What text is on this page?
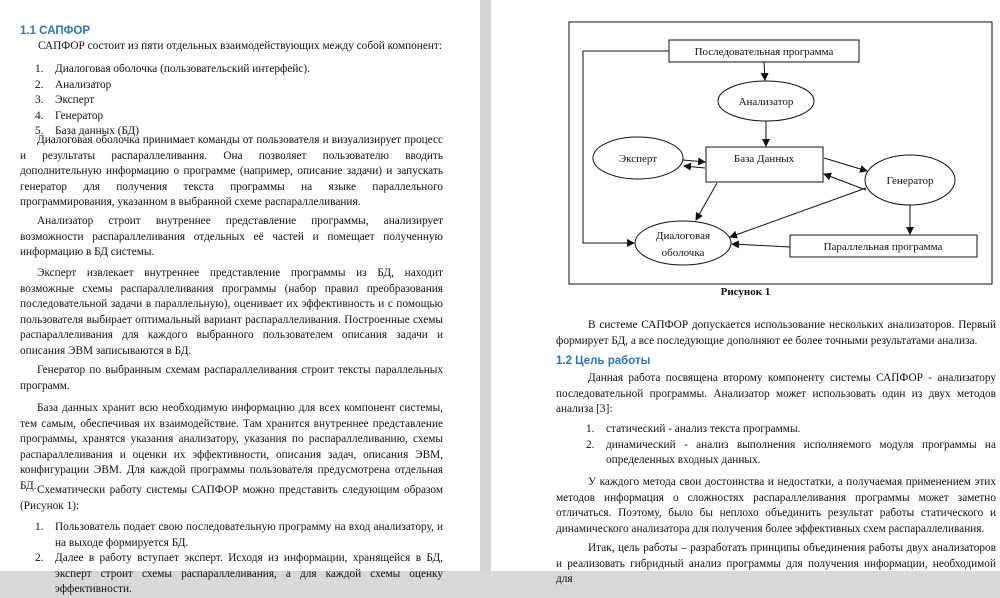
1.1 САПФОР
САПФОР состоит из пяти отдельных взаимодействующих между собой компонент:
1. Диалоговая оболочка (пользовательский интерфейс).
2. Анализатор
3. Эксперт
4. Генератор
5. База данных (БД)

Диалоговая оболочка принимает команды от пользователя и визуализирует процесс и результаты распараллеливания. Она позволяет пользователю вводить дополнительную информацию о программе (например, описание задачи) и запускать генератор для получения текста программы на языке параллельного программирования, указанном в выбранной схеме распараллеливания.

Анализатор строит внутреннее представление программы, анализирует возможности распараллеливания отдельных её частей и помещает полученную информацию в БД системы.

Эксперт извлекает внутреннее представление программы из БД, находит возможные схемы распараллеливания программы (набор правил преобразования последовательной задачи в параллельную), оценивает их эффективность и с помощью пользователя выбирает оптимальный вариант распараллеливания. Построенные схемы распараллеливания для каждого выбранного пользователем описания задачи и описания ЭВМ записываются в БД.

Генератор по выбранным схемам распараллеливания строит тексты параллельных программ.

База данных хранит всю необходимую информацию для всех компонент системы, тем самым, обеспечивая их взаимодействие. Там хранится внутреннее представление программы, хранятся указания анализатору, указания по распараллеливанию, схемы распараллеливания и оценки их эффективности, описания задач, описания ЭВМ, конфигурации ЭВМ. Для каждой программы пользователя предусмотрена отдельная БД. Схематически работу системы САПФОР можно представить следующим образом (Рисунок 1):

1. Пользователь подает свою последовательную программу на вход анализатору, и на выходе формируется БД.
2. Далее в работу вступает эксперт. Исходя из информации, хранящейся в БД, эксперт строит схемы распараллеливания, а для каждой схемы оценку эффективности.
Последовательная программа
Анализатор
Эксперт	База Данных
Генератор
Диалоговая
оболочка	Параллельная программа
Рисунок 1

В системе САПФОР допускается использование нескольких анализаторов. Первый формирует БД, а все последующие дополняют ее более точными результатами анализа.

1.2 Цель работы

Данная работа посвящена второму компоненту системы САПФОР - анализатору последовательной программы. Анализатор может использовать один из двух методов анализа [3]:

1. статический - анализ текста программы.
2. динамический - анализ выполнения исполняемого модуля программы на определенных входных данных.

У каждого метода свои достоинства и недостатки, а получаемая применением этих методов информация о сложностях распараллеливания программы может заметно отличаться. Поэтому, было бы неплохо объединить результат работы статического и динамического анализатора для получения более эффективных схем распараллеливания.

Итак, цель работы – разработать принципы объединения работы двух анализаторов и реализовать гибридный анализ программы для получения информации, необходимой для
